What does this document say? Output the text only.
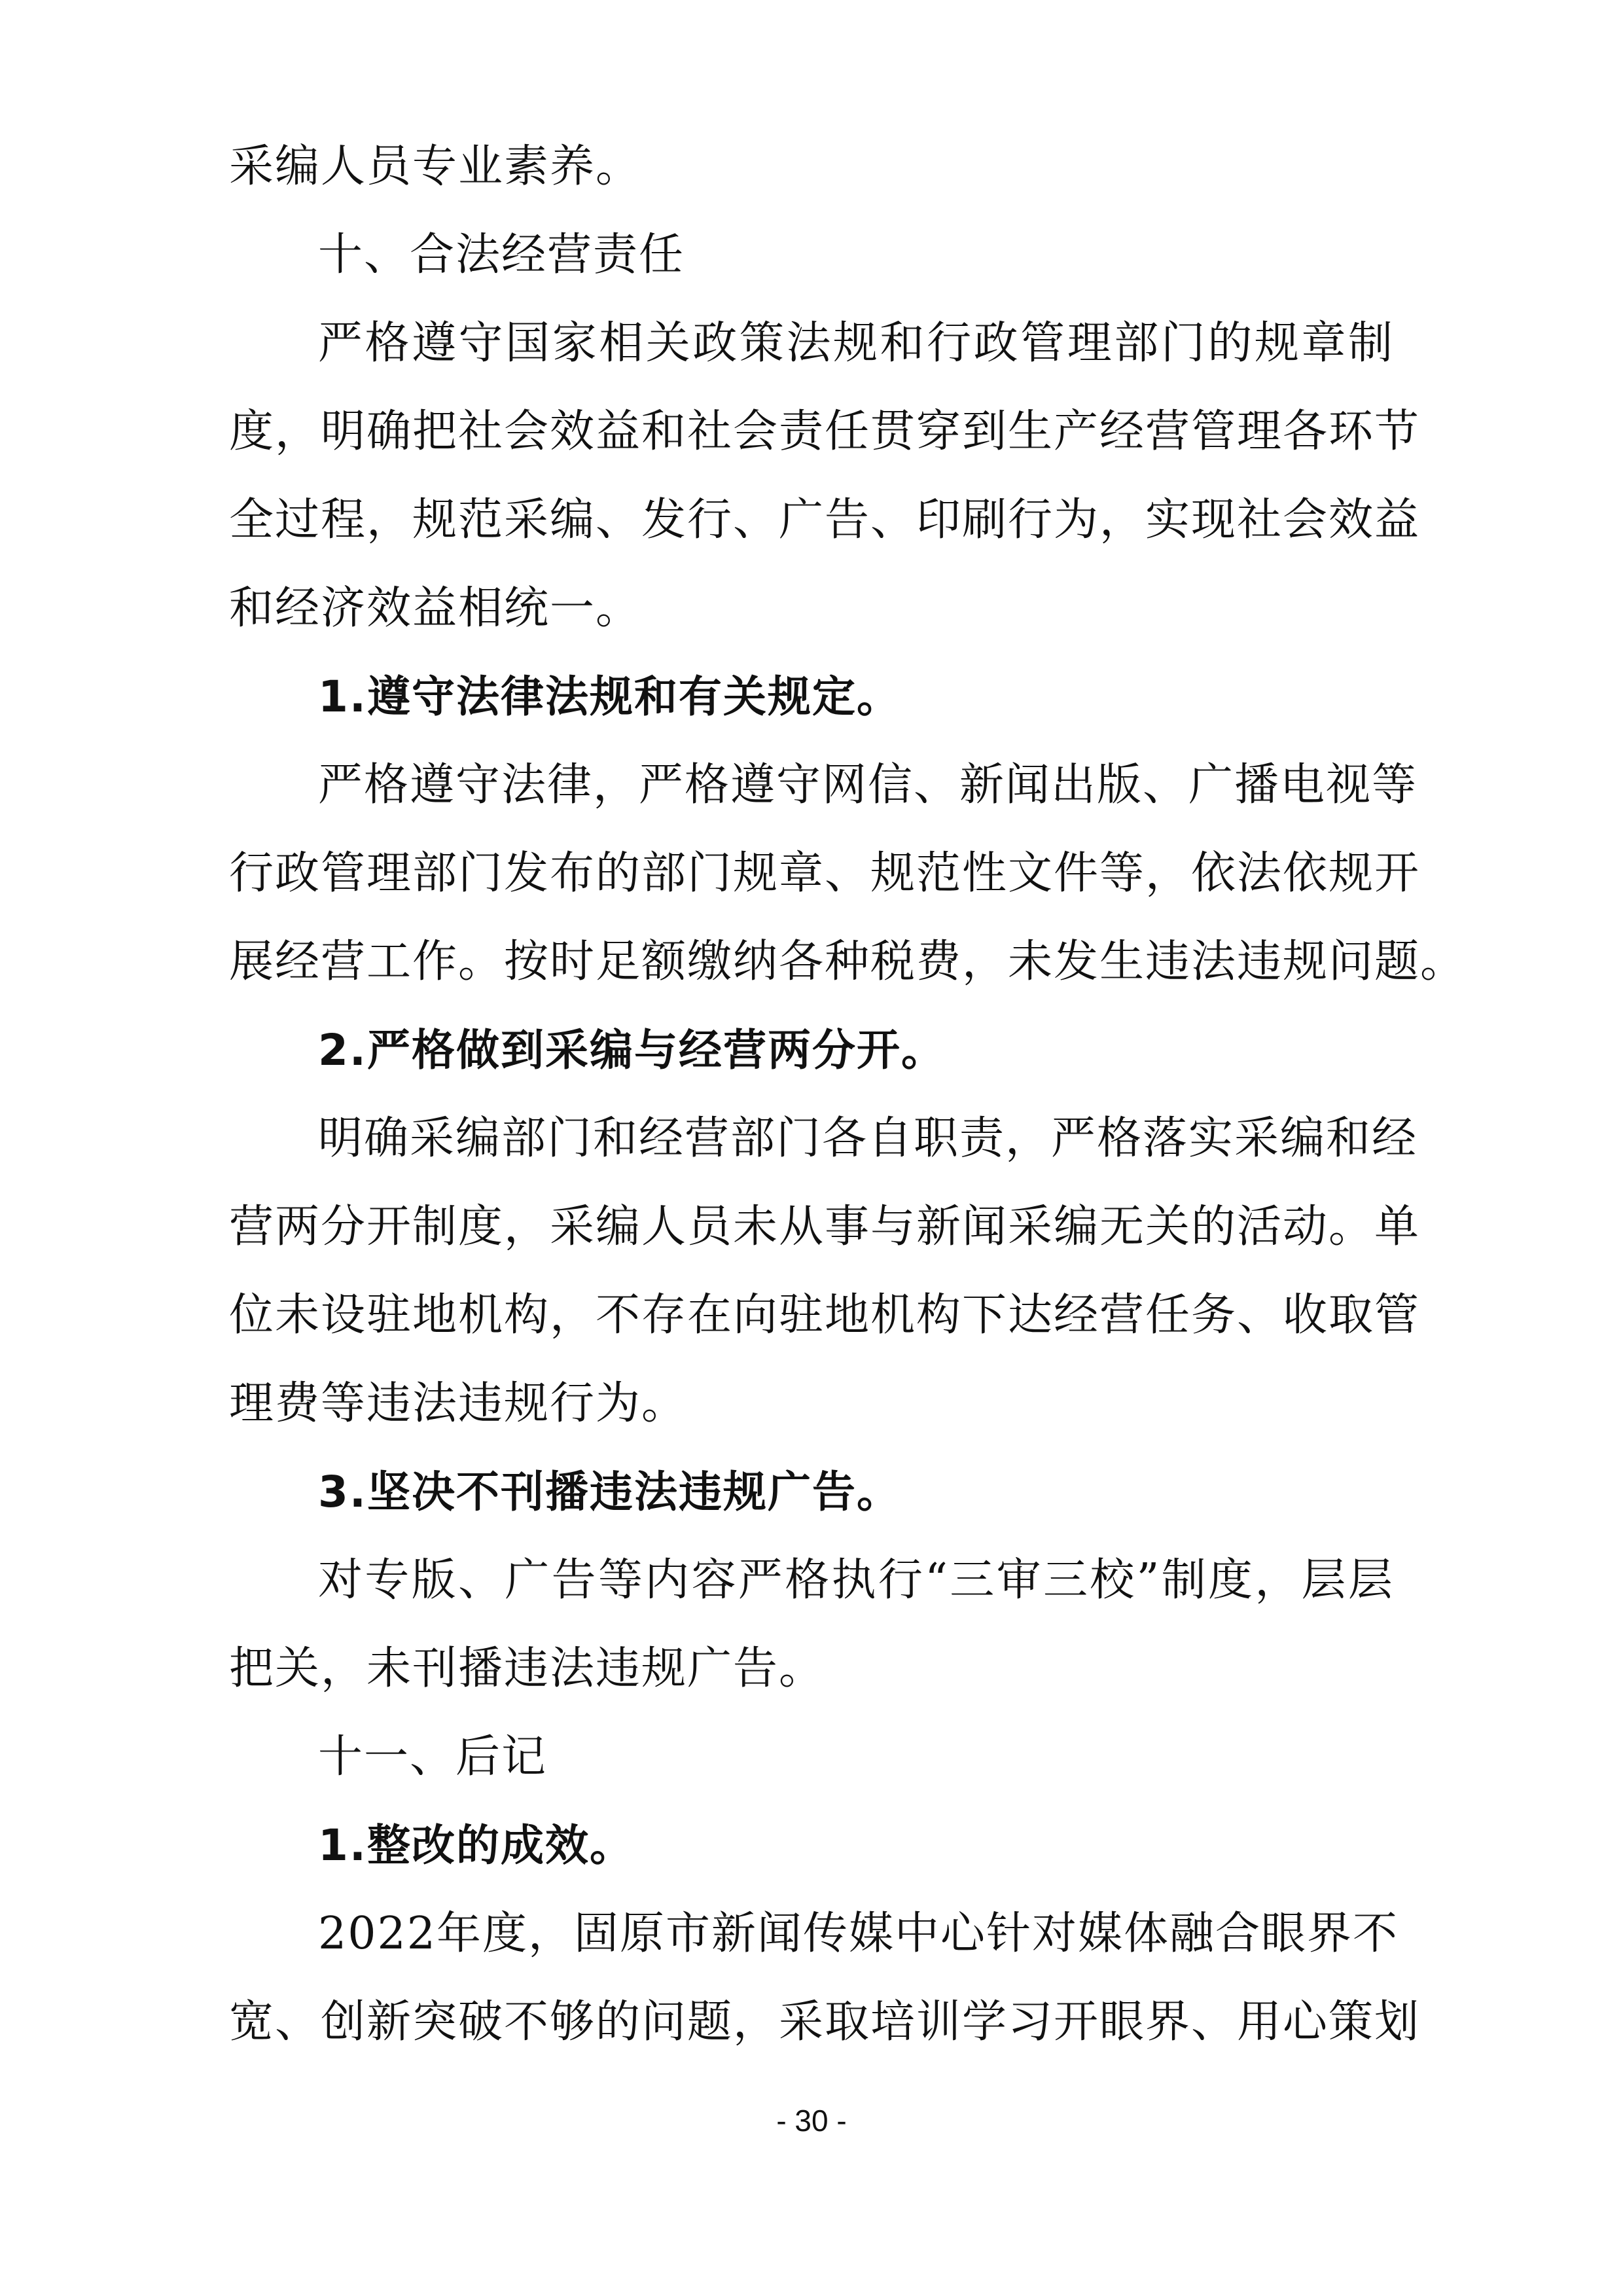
采编人员专业素养。
十、合法经营责任
严格遵守国家相关政策法规和行政管理部门的规章制
度，明确把社会效益和社会责任贯穿到生产经营管理各环节
全过程，规范采编、发行、广告、印刷行为，实现社会效益
和经济效益相统一。
1.遵守法律法规和有关规定。
严格遵守法律，严格遵守网信、新闻出版、广播电视等
行政管理部门发布的部门规章、规范性文件等，依法依规开
展经营工作。按时足额缴纳各种税费，未发生违法违规问题。
2.严格做到采编与经营两分开。
明确采编部门和经营部门各自职责，严格落实采编和经
营两分开制度，采编人员未从事与新闻采编无关的活动。单
位未设驻地机构，不存在向驻地机构下达经营任务、收取管
理费等违法违规行为。
3.坚决不刊播违法违规广告。
对专版、广告等内容严格执行“三审三校”制度，层层
把关，未刊播违法违规广告。
十一、后记
1.整改的成效。
2022年度，固原市新闻传媒中心针对媒体融合眼界不
宽、创新突破不够的问题，采取培训学习开眼界、用心策划
- 30 -
